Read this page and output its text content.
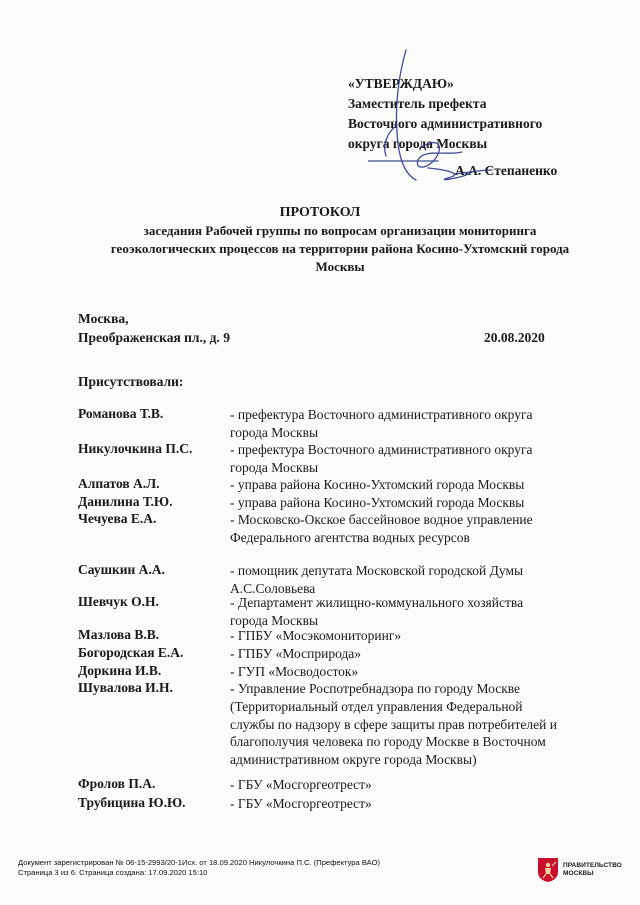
«УТВЕРЖДАЮ»
Заместитель префекта
Восточного административного
округа города Москвы
А.А. Степаненко
ПРОТОКОЛ
заседания Рабочей группы по вопросам организации мониторинга геоэкологических процессов на территории района Косино-Ухтомский города Москвы
Москва,
Преображенская пл., д. 9	20.08.2020
Присутствовали:
Романова Т.В.	- префектура Восточного административного округа города Москвы
Никулочкина П.С.	- префектура Восточного административного округа города Москвы
Алпатов А.Л.	- управа района Косино-Ухтомский города Москвы
Данилина Т.Ю.	- управа района Косино-Ухтомский города Москвы
Чечуева Е.А.	- Московско-Окское бассейновое водное управление Федерального агентства водных ресурсов
Саушкин А.А.	- помощник депутата Московской городской Думы А.С.Соловьева
Шевчук О.Н.	- Департамент жилищно-коммунального хозяйства города Москвы
Мазлова В.В.	- ГПБУ «Мосэкомониторинг»
Богородская Е.А.	- ГПБУ «Мосприрода»
Доркина И.В.	- ГУП «Мосводосток»
Шувалова И.Н.	- Управление Роспотребнадзора по городу Москве (Территориальный отдел управления Федеральной службы по надзору в сфере защиты прав потребителей и благополучия человека по городу Москве в Восточном административном округе города Москвы)
Фролов П.А.	- ГБУ «Мосгоргеотрест»
Трубицина Ю.Ю.	- ГБУ «Мосгоргеотрест»
Документ зарегистрирован № 06-15-2993/20-1Исх. от 18.09.2020 Никулочкина П.С. (Префектура ВАО)
Страница 3 из 6. Страница создана: 17.09.2020 15:10
ПРАВИТЕЛЬСТВО
МОСКВЫ
